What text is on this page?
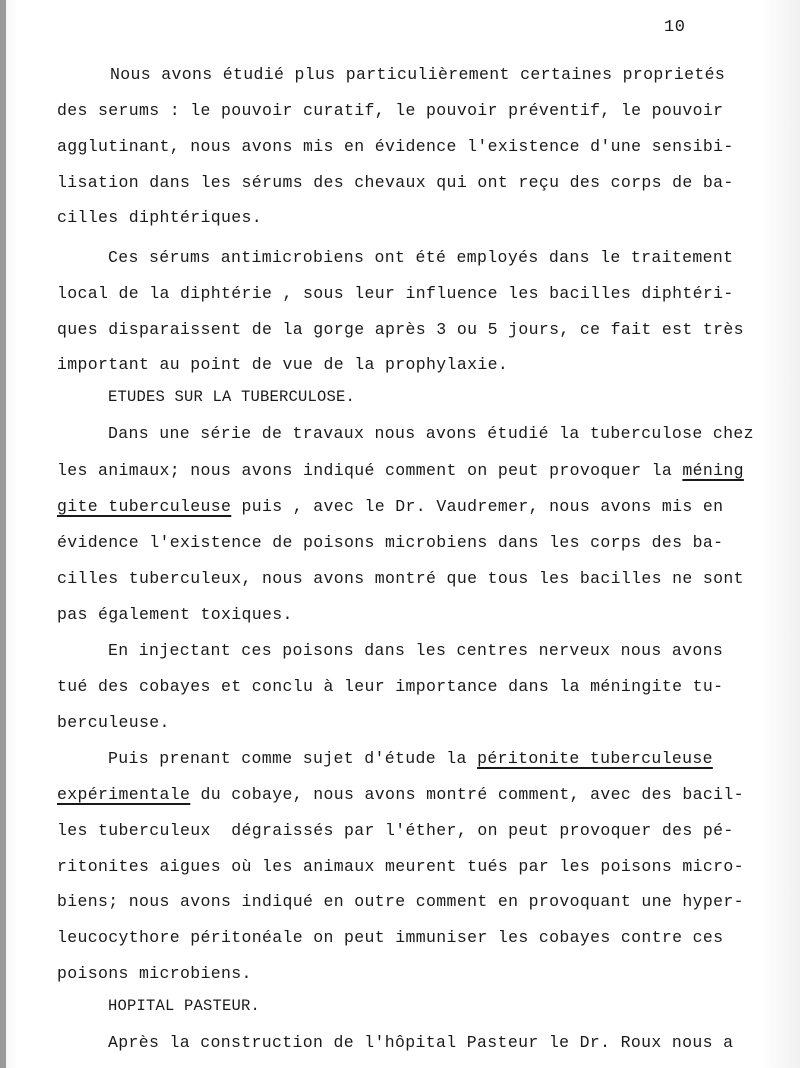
10
Nous avons étudié plus particulièrement certaines proprietés
des serums : le pouvoir curatif, le pouvoir préventif, le pouvoir
agglutinant, nous avons mis en évidence l'existence d'une sensibi-
lisation dans les sérums des chevaux qui ont reçu des corps de ba-
cilles diphtériques.
Ces sérums antimicrobiens ont été employés dans le traitement
local de la diphtérie , sous leur influence les bacilles diphtéri-
ques disparaissent de la gorge après 3 ou 5 jours, ce fait est très
important au point de vue de la prophylaxie.
ETUDES SUR LA TUBERCULOSE.
Dans une série de travaux nous avons étudié la tuberculose chez
les animaux; nous avons indiqué comment on peut provoquer la méning
gite tuberculeuse puis , avec le Dr. Vaudremer, nous avons mis en
évidence l'existence de poisons microbiens dans les corps des ba-
cilles tuberculeux, nous avons montré que tous les bacilles ne sont
pas également toxiques.
En injectant ces poisons dans les centres nerveux nous avons
tué des cobayes et conclu à leur importance dans la méningite tu-
berculeuse.
Puis prenant comme sujet d'étude la péritonite tuberculeuse
expérimentale du cobaye, nous avons montré comment, avec des bacil-
les tuberculeux  dégraissés par l'éther, on peut provoquer des pé-
ritonites aigues où les animaux meurent tués par les poisons micro-
biens; nous avons indiqué en outre comment en provoquant une hyper-
leucocythore péritonéale on peut immuniser les cobayes contre ces
poisons microbiens.
HOPITAL PASTEUR.
Après la construction de l'hôpital Pasteur le Dr. Roux nous a
